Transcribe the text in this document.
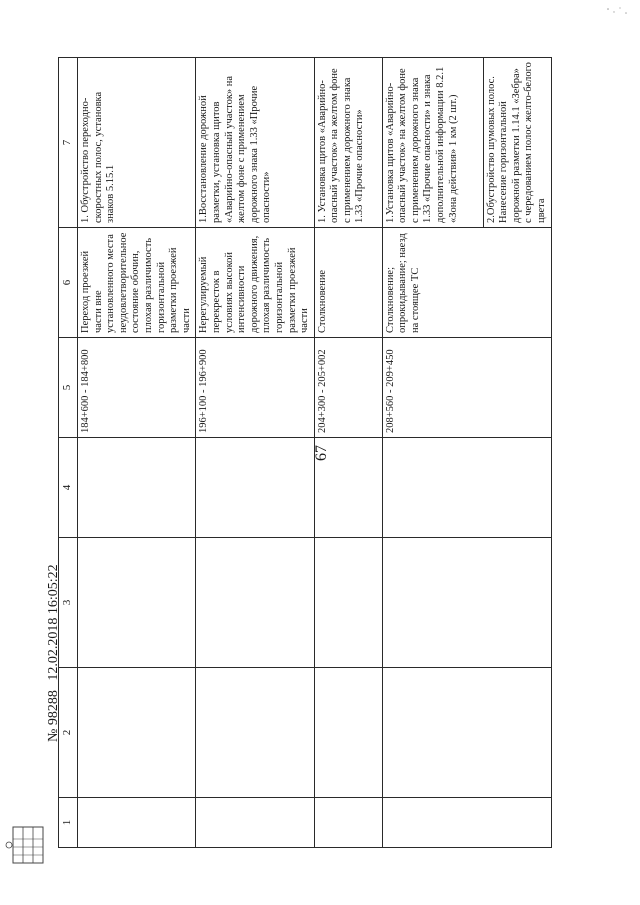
67
1	2	3	4	5	6	7
				184+600 - 184+800	Переход проезжей части вне установленного места неудовлетворительное состояние обочин, плохая различимость горизонтальной разметки проезжей части	1. Обустройство переходно-скоростных полос, установка знаков 5.15.1

				196+100 - 196+900	Нерегулируемый перекресток в условиях высокой интенсивности дорожного движения, плохая различимость горизонтальной разметки проезжей части	1.Восстановление дорожной разметки, установка щитов «Аварийно-опасный участок» на желтом фоне с применением дорожного знака 1.33 «Прочие опасности»

				204+300 - 205+002	Столкновение	1. Установка щитов «Аварийно-опасный участок» на желтом фоне с применением дорожного знака 1.33 «Прочие опасности»

				208+560 - 209+450	Столкновение; опрокидывание; наезд на стоящее ТС	1.Установка щитов «Аварийно-опасный участок» на желтом фоне с применением дорожного знака 1.33 «Прочие опасности» и знака дополнительной информации 8.2.1 «Зона действия» 1 км (2 шт.) 2.Обустройство шумовых полос. Нанесение горизонтальной дорожной разметки 1.14.1 «Зебра» с чередованием полос желто-белого цвета

№ 98288 12.02.2018 16:05:22
